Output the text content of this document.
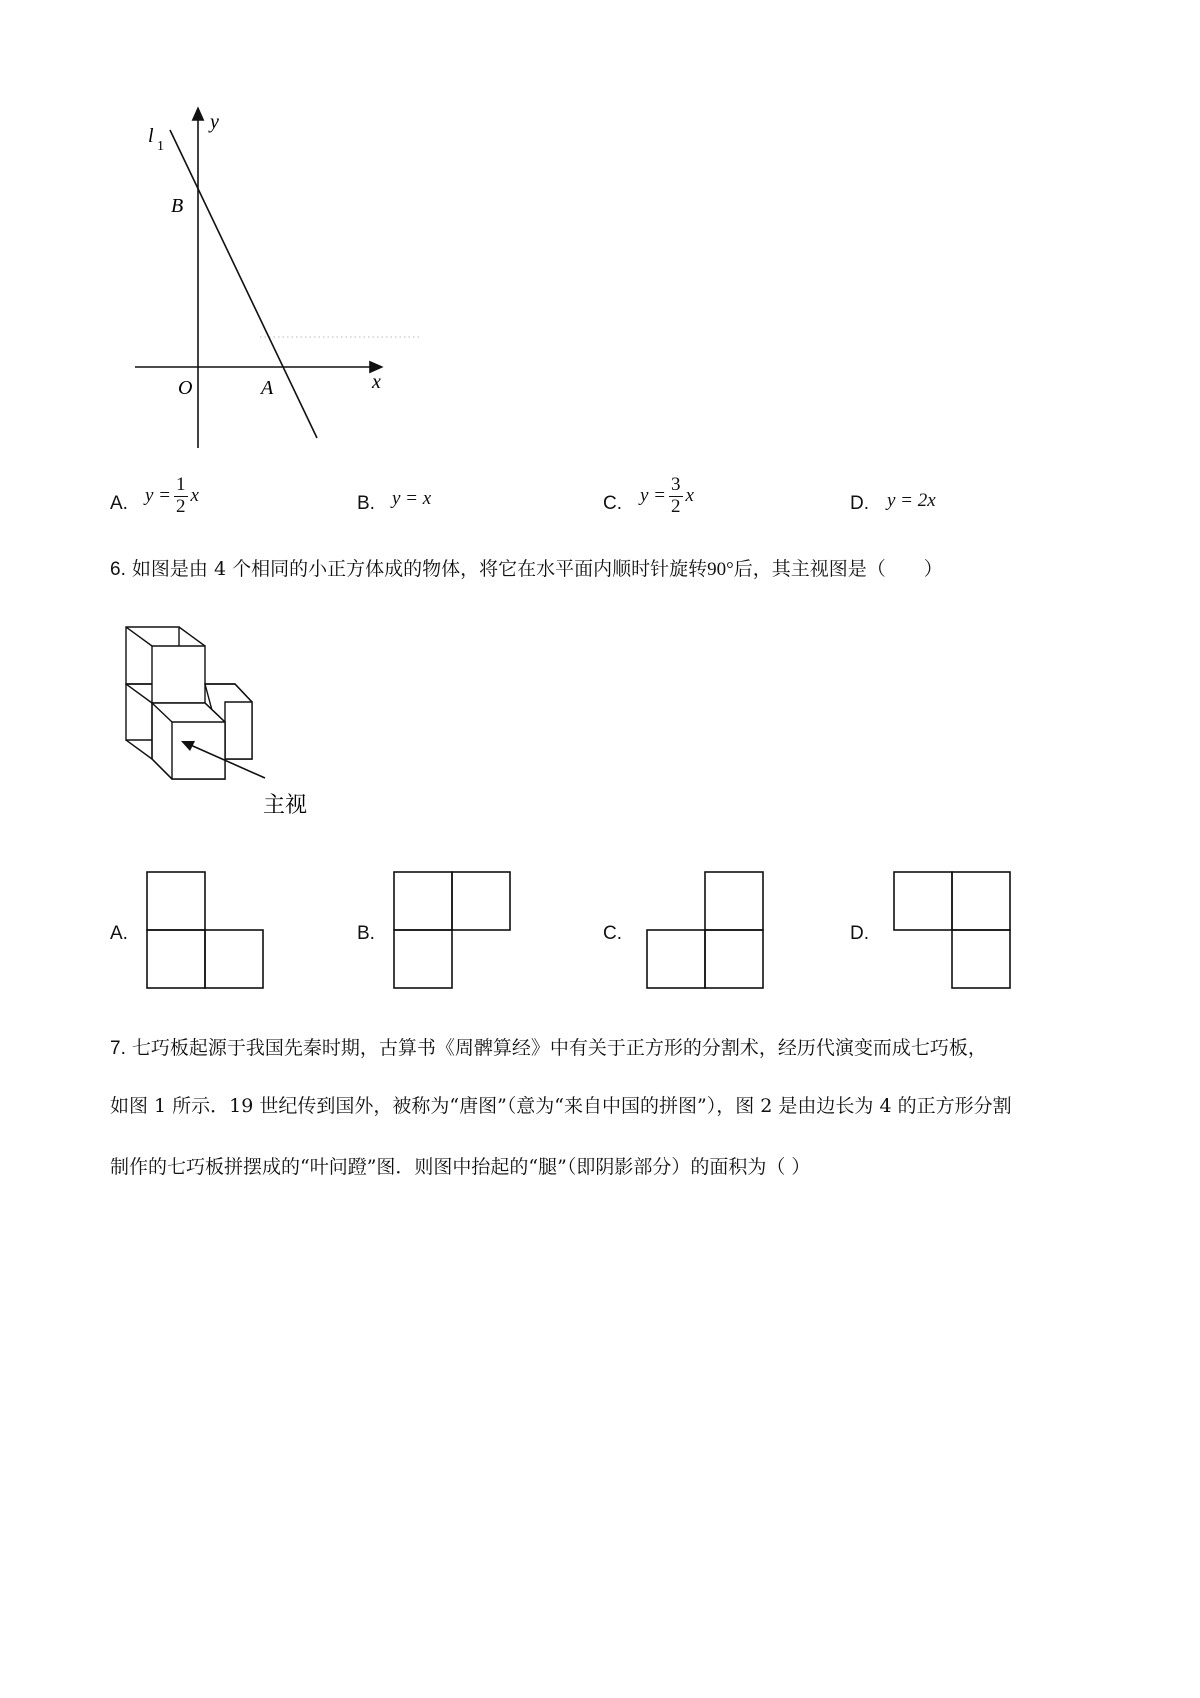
l 1
y
x
B
O	A
A. $y = \frac{1}{2}$ x	B. y = x	C. $y = \frac{3}{2}$ x	D. y = 2x
6. 如图是由 4 个相同的小正方体成的物体，将它在水平面内顺时针旋转90°后，其主视图是（　　）
主视
A.	B.	C.	D.
7. 七巧板起源于我国先秦时期，古算书《周髀算经》中有关于正方形的分割术，经历代演变而成七巧板，
如图 1 所示．19 世纪传到国外，被称为“唐图”（意为“来自中国的拼图”），图 2 是由边长为 4 的正方形分割
制作的七巧板拼摆成的“叶问蹬”图．则图中抬起的“腿”（即阴影部分）的面积为（ ）
